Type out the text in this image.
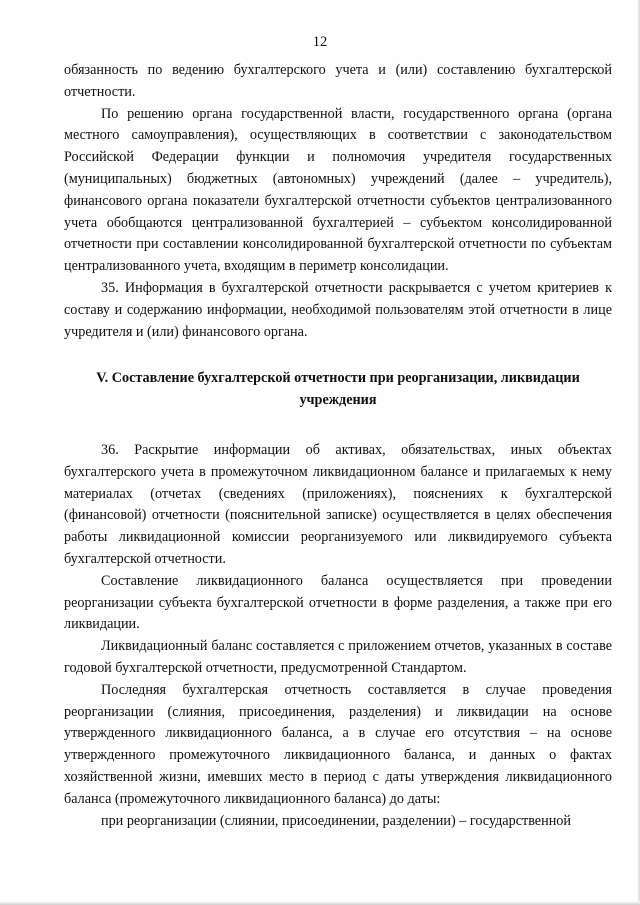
12

обязанность по ведению бухгалтерского учета и (или) составлению бухгалтерской отчетности.

По решению органа государственной власти, государственного органа (органа местного самоуправления), осуществляющих в соответствии с законодательством Российской Федерации функции и полномочия учредителя государственных (муниципальных) бюджетных (автономных) учреждений (далее – учредитель), финансового органа показатели бухгалтерской отчетности субъектов централизованного учета обобщаются централизованной бухгалтерией – субъектом консолидированной отчетности при составлении консолидированной бухгалтерской отчетности по субъектам централизованного учета, входящим в периметр консолидации.

35. Информация в бухгалтерской отчетности раскрывается с учетом критериев к составу и содержанию информации, необходимой пользователям этой отчетности в лице учредителя и (или) финансового органа.

V. Составление бухгалтерской отчетности при реорганизации, ликвидации учреждения

36. Раскрытие информации об активах, обязательствах, иных объектах бухгалтерского учета в промежуточном ликвидационном балансе и прилагаемых к нему материалах (отчетах (сведениях (приложениях), пояснениях к бухгалтерской (финансовой) отчетности (пояснительной записке) осуществляется в целях обеспечения работы ликвидационной комиссии реорганизуемого или ликвидируемого субъекта бухгалтерской отчетности.

Составление ликвидационного баланса осуществляется при проведении реорганизации субъекта бухгалтерской отчетности в форме разделения, а также при его ликвидации.

Ликвидационный баланс составляется с приложением отчетов, указанных в составе годовой бухгалтерской отчетности, предусмотренной Стандартом.

Последняя бухгалтерская отчетность составляется в случае проведения реорганизации (слияния, присоединения, разделения) и ликвидации на основе утвержденного ликвидационного баланса, а в случае его отсутствия – на основе утвержденного промежуточного ликвидационного баланса, и данных о фактах хозяйственной жизни, имевших место в период с даты утверждения ликвидационного баланса (промежуточного ликвидационного баланса) до даты:

при реорганизации (слиянии, присоединении, разделении) – государственной
